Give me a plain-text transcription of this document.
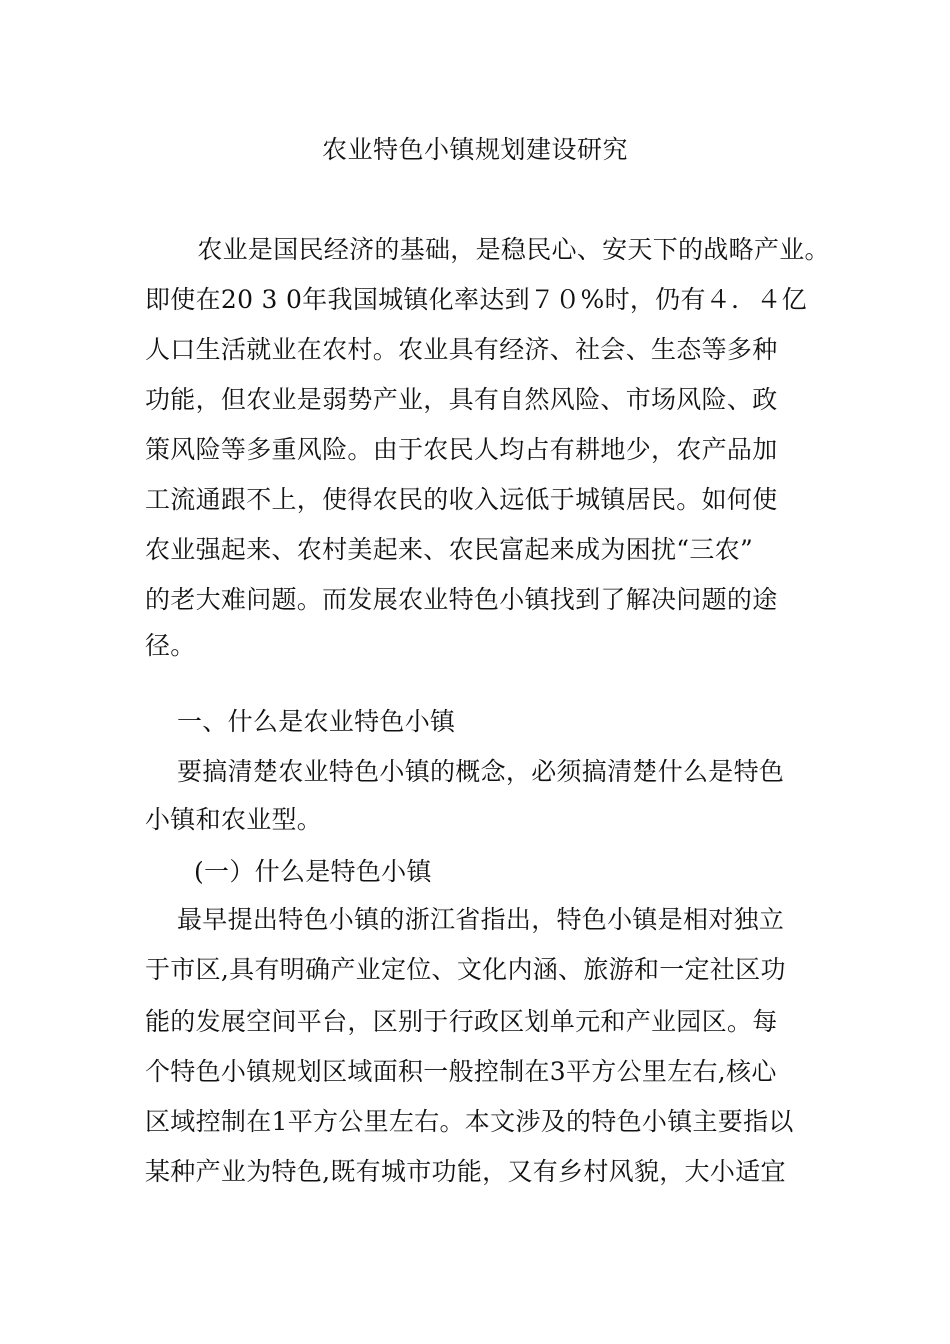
农业特色小镇规划建设研究
　农业是国民经济的基础，是稳民心、安天下的战略产业。
即使在20 3 0年我国城镇化率达到７０%时，仍有４．４亿
人口生活就业在农村。农业具有经济、社会、生态等多种
功能，但农业是弱势产业，具有自然风险、市场风险、政
策风险等多重风险。由于农民人均占有耕地少，农产品加
工流通跟不上，使得农民的收入远低于城镇居民。如何使
农业强起来、农村美起来、农民富起来成为困扰“三农”
的老大难问题。而发展农业特色小镇找到了解决问题的途
径。
一、什么是农业特色小镇
要搞清楚农业特色小镇的概念，必须搞清楚什么是特色
小镇和农业型。
(一）什么是特色小镇
最早提出特色小镇的浙江省指出，特色小镇是相对独立
于市区,具有明确产业定位、文化内涵、旅游和一定社区功
能的发展空间平台，区别于行政区划单元和产业园区。每
个特色小镇规划区域面积一般控制在3平方公里左右,核心
区域控制在1平方公里左右。本文涉及的特色小镇主要指以
某种产业为特色,既有城市功能，又有乡村风貌，大小适宜
